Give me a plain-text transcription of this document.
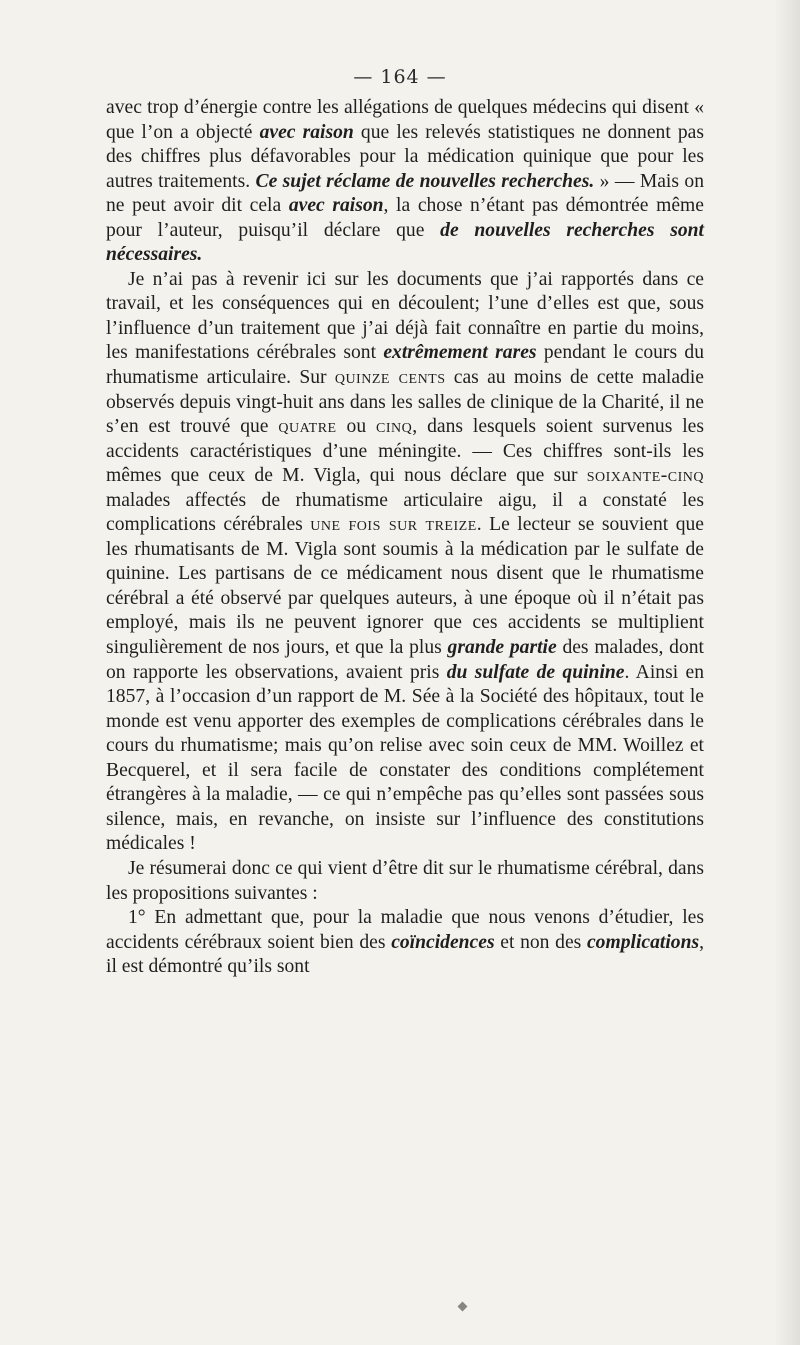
— 164 —

avec trop d’énergie contre les allégations de quelques médecins qui disent « que l’on a objecté avec raison que les relevés statistiques ne donnent pas des chiffres plus défavorables pour la médication quinique que pour les autres traitements. Ce sujet réclame de nouvelles recherches. » — Mais on ne peut avoir dit cela avec raison, la chose n’étant pas démontrée même pour l’auteur, puisqu’il déclare que de nouvelles recherches sont nécessaires.

Je n’ai pas à revenir ici sur les documents que j’ai rapportés dans ce travail, et les conséquences qui en découlent; l’une d’elles est que, sous l’influence d’un traitement que j’ai déjà fait connaître en partie du moins, les manifestations cérébrales sont extrêmement rares pendant le cours du rhumatisme articulaire. Sur quinze cents cas au moins de cette maladie observés depuis vingt-huit ans dans les salles de clinique de la Charité, il ne s’en est trouvé que quatre ou cinq, dans lesquels soient survenus les accidents caractéristiques d’une méningite. — Ces chiffres sont-ils les mêmes que ceux de M. Vigla, qui nous déclare que sur soixante-cinq malades affectés de rhumatisme articulaire aigu, il a constaté les complications cérébrales une fois sur treize. Le lecteur se souvient que les rhumatisants de M. Vigla sont soumis à la médication par le sulfate de quinine. Les partisans de ce médicament nous disent que le rhumatisme cérébral a été observé par quelques auteurs, à une époque où il n’était pas employé, mais ils ne peuvent ignorer que ces accidents se multiplient singulièrement de nos jours, et que la plus grande partie des malades, dont on rapporte les observations, avaient pris du sulfate de quinine. Ainsi en 1857, à l’occasion d’un rapport de M. Sée à la Société des hôpitaux, tout le monde est venu apporter des exemples de complications cérébrales dans le cours du rhumatisme; mais qu’on relise avec soin ceux de MM. Woillez et Becquerel, et il sera facile de constater des conditions complétement étrangères à la maladie, — ce qui n’empêche pas qu’elles sont passées sous silence, mais, en revanche, on insiste sur l’influence des constitutions médicales !

Je résumerai donc ce qui vient d’être dit sur le rhumatisme cérébral, dans les propositions suivantes :

1° En admettant que, pour la maladie que nous venons d’étudier, les accidents cérébraux soient bien des coïncidences et non des complications, il est démontré qu’ils sont
